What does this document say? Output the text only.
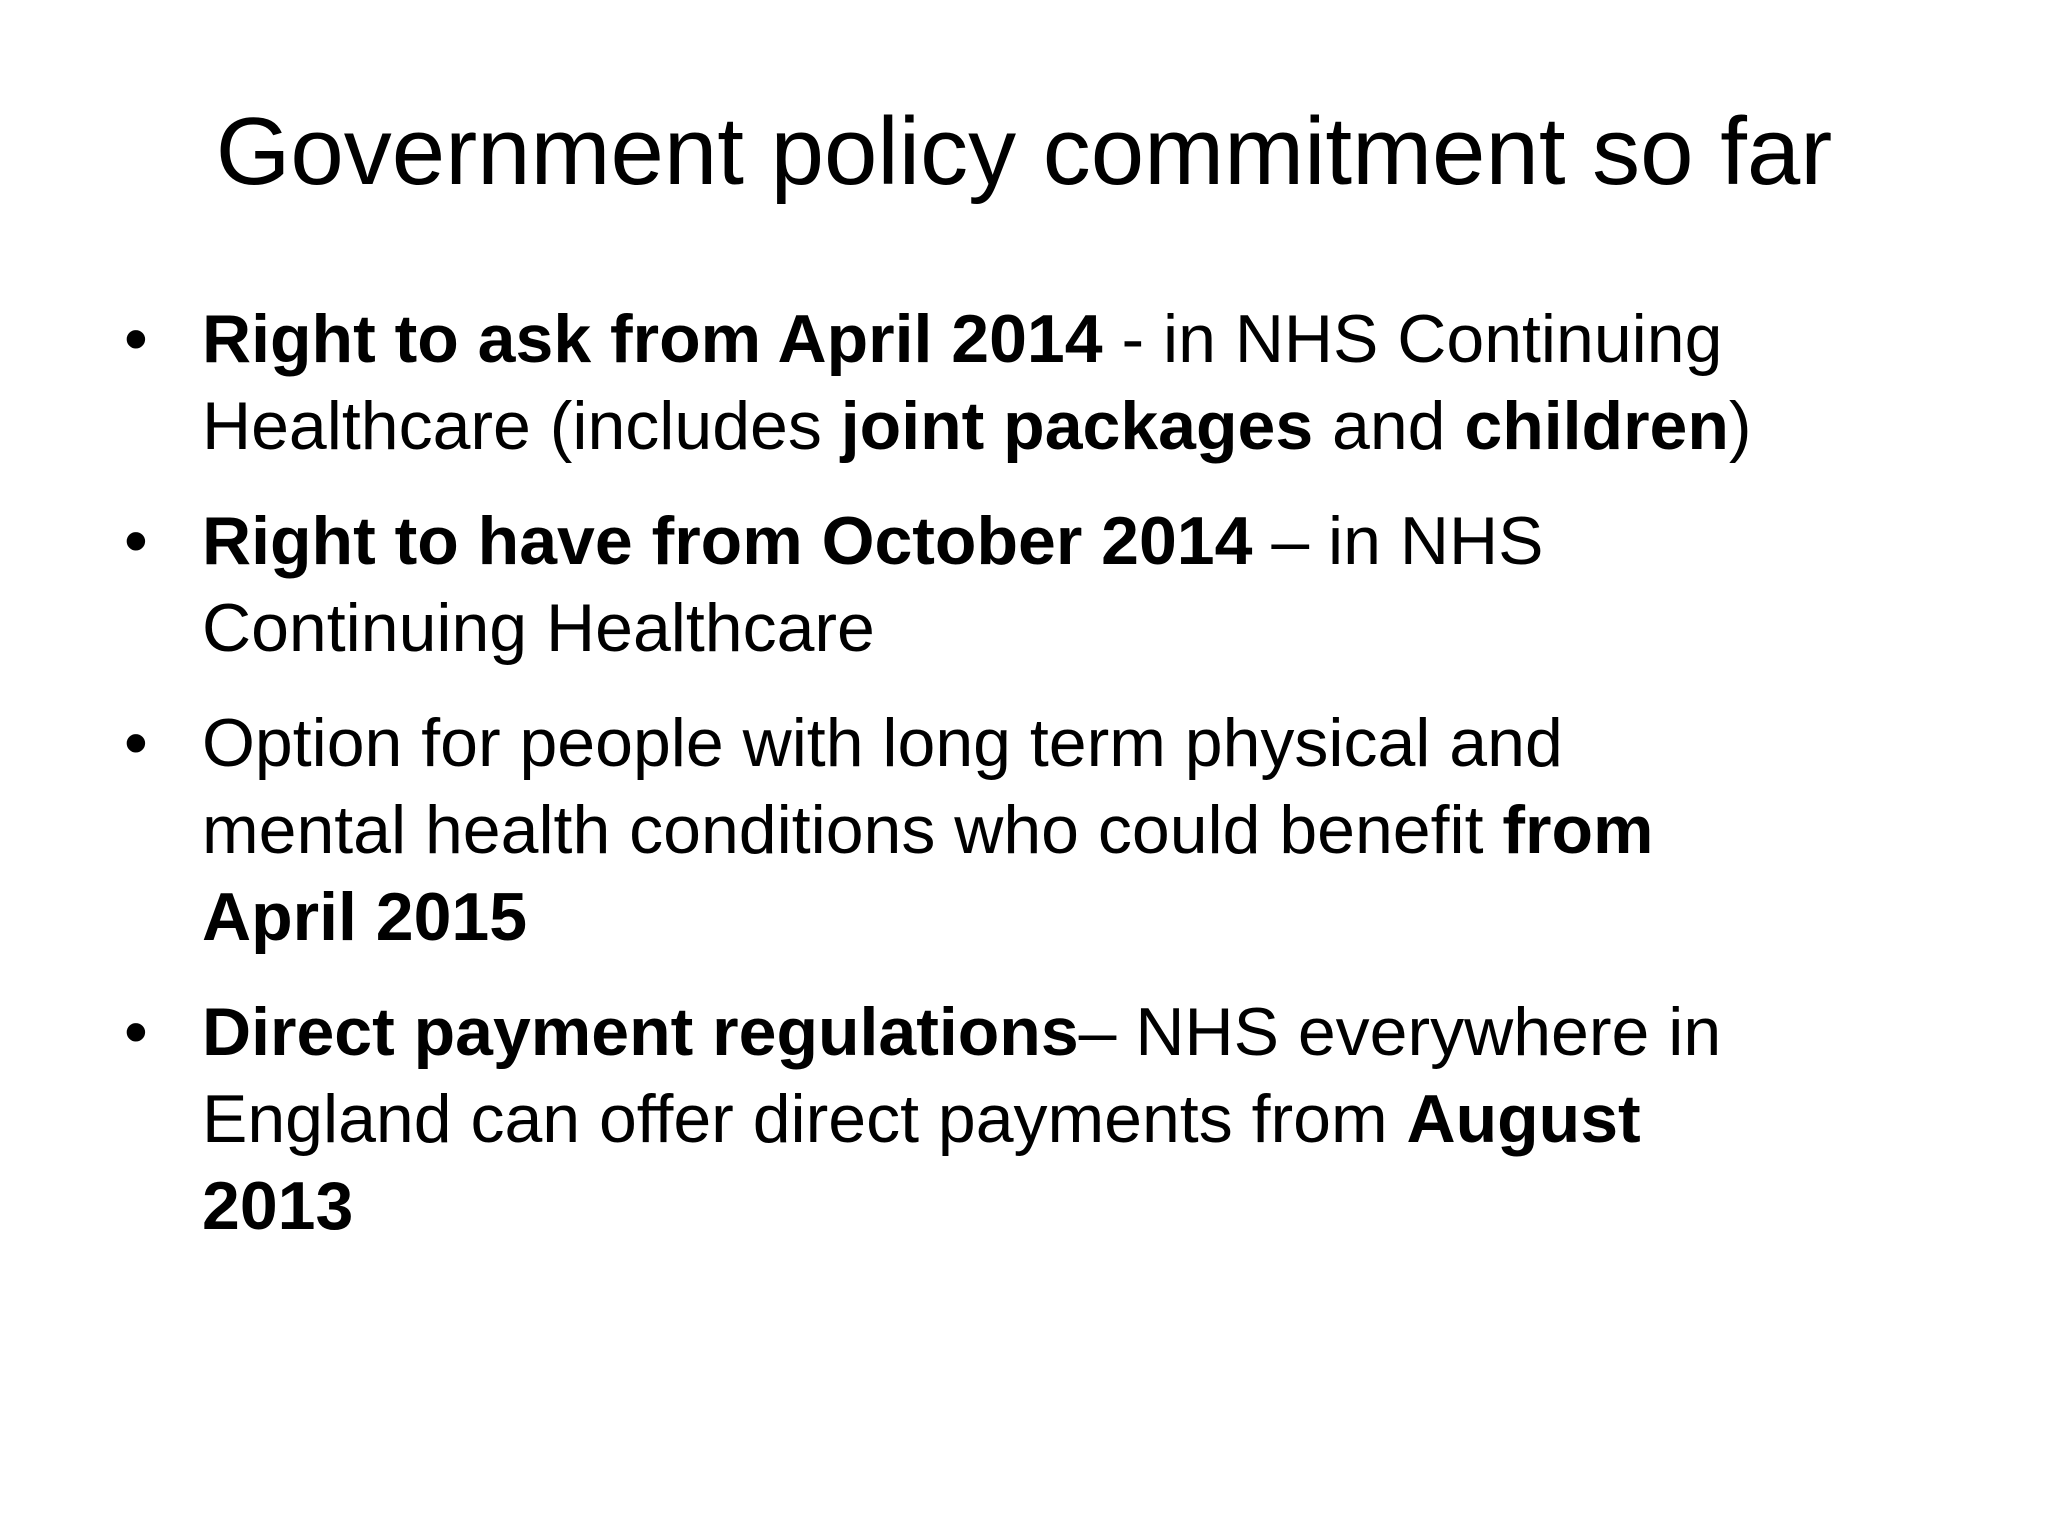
Government policy commitment so far
• Right to ask from April 2014 - in NHS Continuing
Healthcare (includes joint packages and children)
• Right to have from October 2014 – in NHS
Continuing Healthcare
• Option for people with long term physical and
mental health conditions who could benefit from
April 2015
• Direct payment regulations– NHS everywhere in
England can offer direct payments from August
2013
